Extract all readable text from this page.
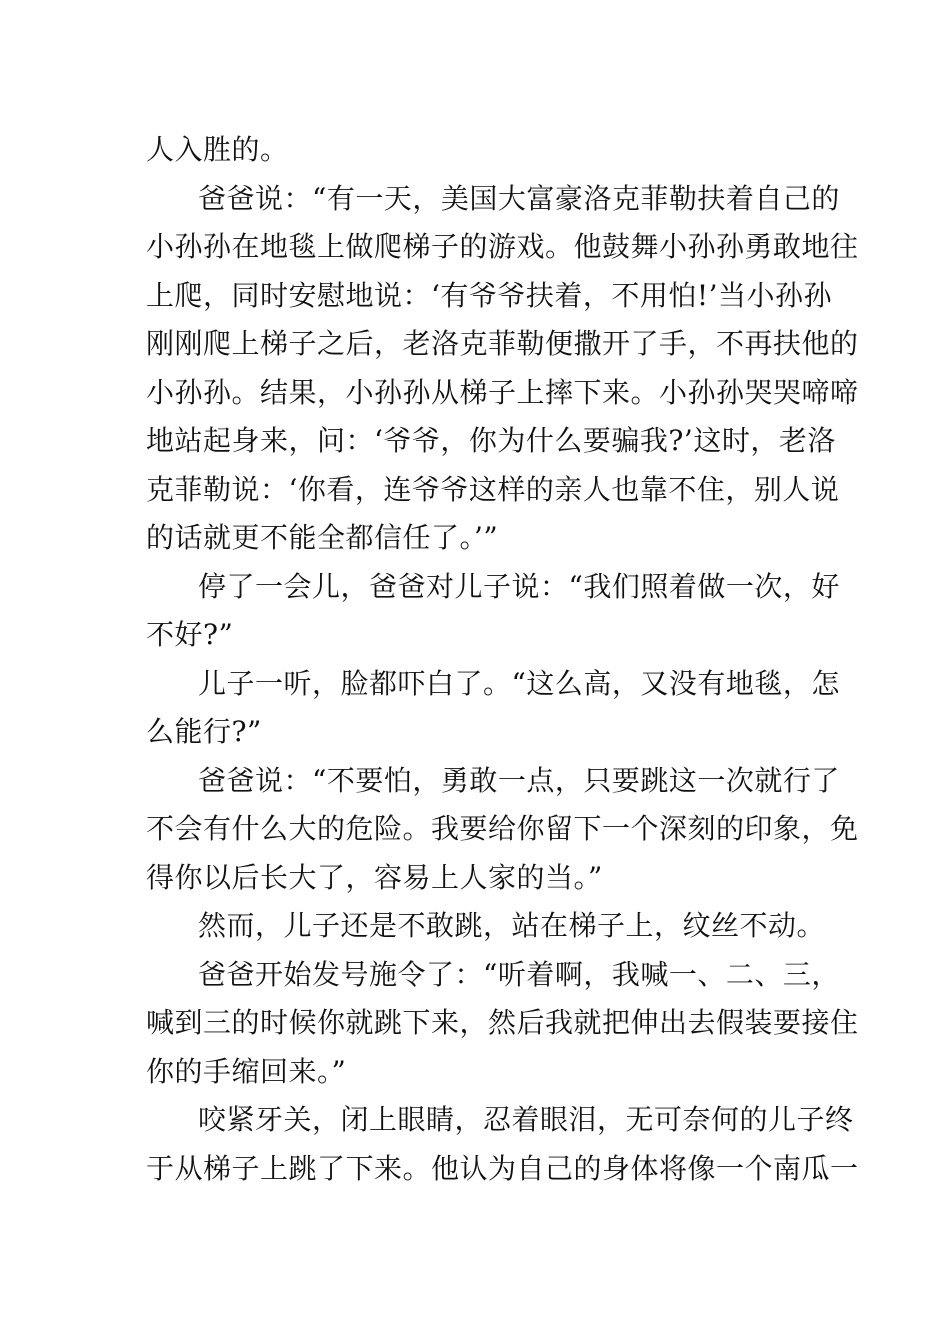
人入胜的。
爸爸说：“有一天，美国大富豪洛克菲勒扶着自己的
小孙孙在地毯上做爬梯子的游戏。他鼓舞小孙孙勇敢地往
上爬，同时安慰地说：‘有爷爷扶着，不用怕!’当小孙孙
刚刚爬上梯子之后，老洛克菲勒便撒开了手，不再扶他的
小孙孙。结果，小孙孙从梯子上摔下来。小孙孙哭哭啼啼
地站起身来，问：‘爷爷，你为什么要骗我?’这时，老洛
克菲勒说：‘你看，连爷爷这样的亲人也靠不住，别人说
的话就更不能全都信任了。’”
停了一会儿，爸爸对儿子说：“我们照着做一次，好
不好?”
儿子一听，脸都吓白了。“这么高，又没有地毯，怎
么能行?”
爸爸说：“不要怕，勇敢一点，只要跳这一次就行了
不会有什么大的危险。我要给你留下一个深刻的印象，免
得你以后长大了，容易上人家的当。”
然而，儿子还是不敢跳，站在梯子上，纹丝不动。
爸爸开始发号施令了：“听着啊，我喊一、二、三，
喊到三的时候你就跳下来，然后我就把伸出去假装要接住
你的手缩回来。”
咬紧牙关，闭上眼睛，忍着眼泪，无可奈何的儿子终
于从梯子上跳了下来。他认为自己的身体将像一个南瓜一
